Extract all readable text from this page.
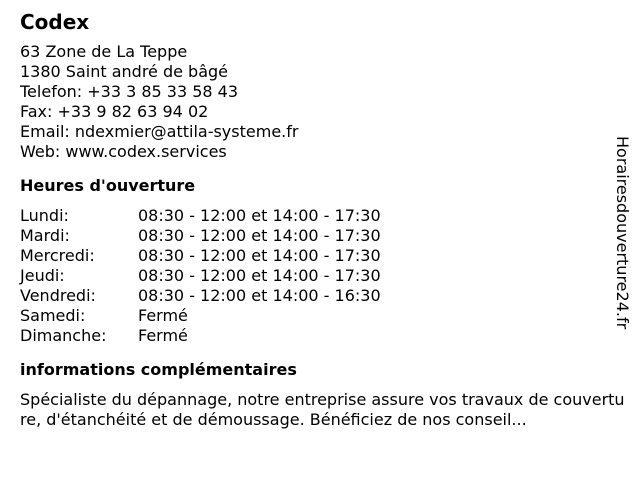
Codex
63 Zone de La Teppe
1380 Saint andré de bâgé
Telefon: +33 3 85 33 58 43
Fax: +33 9 82 63 94 02
Email: ndexmier@attila-systeme.fr
Web: www.codex.services
Heures d'ouverture
Lundi:	08:30 - 12:00 et 14:00 - 17:30
Mardi:	08:30 - 12:00 et 14:00 - 17:30
Mercredi:	08:30 - 12:00 et 14:00 - 17:30
Jeudi:	08:30 - 12:00 et 14:00 - 17:30
Vendredi:	08:30 - 12:00 et 14:00 - 16:30
Samedi:	Fermé
Dimanche:	Fermé
informations complémentaires
Spécialiste du dépannage, notre entreprise assure vos travaux de couverture, d'étanchéité et de démoussage. Bénéficiez de nos conseil...
Horairesdouverture24.fr
